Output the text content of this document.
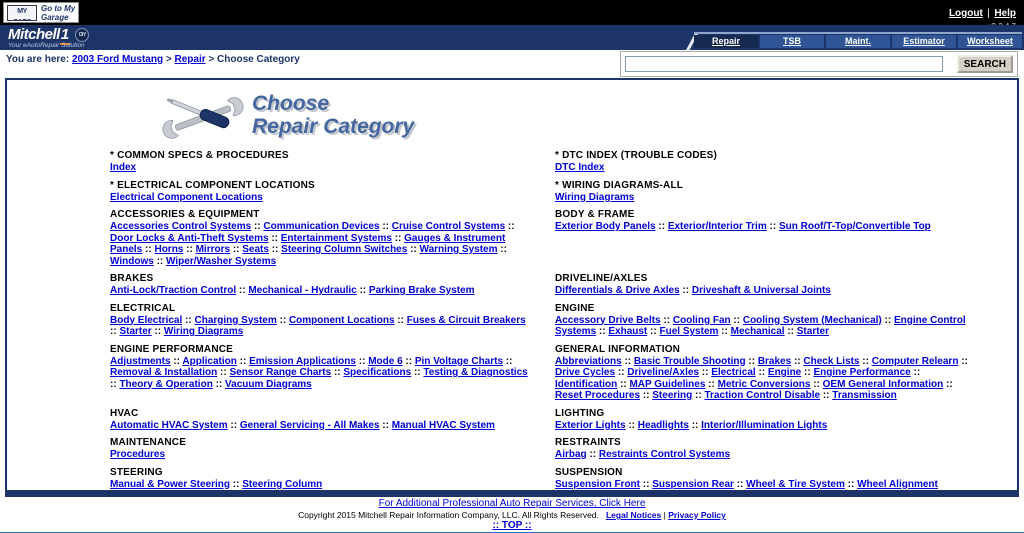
MY	Go to My
Garage	Logout | Help
Mitchell1 DIY
Your eAutoRepair Solution	Repair	TSB	Maint.	Estimator	Worksheet
You are here: 2003 Ford Mustang > Repair > Choose Category	SEARCH
Choose
Repair Category
* COMMON SPECS & PROCEDURES
Index
* DTC INDEX (TROUBLE CODES)
DTC Index
* ELECTRICAL COMPONENT LOCATIONS
Electrical Component Locations
* WIRING DIAGRAMS-ALL
Wiring Diagrams
ACCESSORIES & EQUIPMENT
Accessories Control Systems :: Communication Devices :: Cruise Control Systems :: Door Locks & Anti-Theft Systems :: Entertainment Systems :: Gauges & Instrument Panels :: Horns :: Mirrors :: Seats :: Steering Column Switches :: Warning System :: Windows :: Wiper/Washer Systems
BODY & FRAME
Exterior Body Panels :: Exterior/Interior Trim :: Sun Roof/T-Top/Convertible Top
BRAKES
Anti-Lock/Traction Control :: Mechanical - Hydraulic :: Parking Brake System
DRIVELINE/AXLES
Differentials & Drive Axles :: Driveshaft & Universal Joints
ELECTRICAL
Body Electrical :: Charging System :: Component Locations :: Fuses & Circuit Breakers :: Starter :: Wiring Diagrams
ENGINE
Accessory Drive Belts :: Cooling Fan :: Cooling System (Mechanical) :: Engine Control Systems :: Exhaust :: Fuel System :: Mechanical :: Starter
ENGINE PERFORMANCE
Adjustments :: Application :: Emission Applications :: Mode 6 :: Pin Voltage Charts :: Removal & Installation :: Sensor Range Charts :: Specifications :: Testing & Diagnostics :: Theory & Operation :: Vacuum Diagrams
GENERAL INFORMATION
Abbreviations :: Basic Trouble Shooting :: Brakes :: Check Lists :: Computer Relearn :: Drive Cycles :: Driveline/Axles :: Electrical :: Engine :: Engine Performance :: Identification :: MAP Guidelines :: Metric Conversions :: OEM General Information :: Reset Procedures :: Steering :: Traction Control Disable :: Transmission
HVAC
Automatic HVAC System :: General Servicing - All Makes :: Manual HVAC System
LIGHTING
Exterior Lights :: Headlights :: Interior/Illumination Lights
MAINTENANCE
Procedures
RESTRAINTS
Airbag :: Restraints Control Systems
STEERING
Manual & Power Steering :: Steering Column
SUSPENSION
Suspension Front :: Suspension Rear :: Wheel & Tire System :: Wheel Alignment
For Additional Professional Auto Repair Services, Click Here
Copyright 2015 Mitchell Repair Information Company, LLC. All Rights Reserved. Legal Notices | Privacy Policy
:: TOP ::
